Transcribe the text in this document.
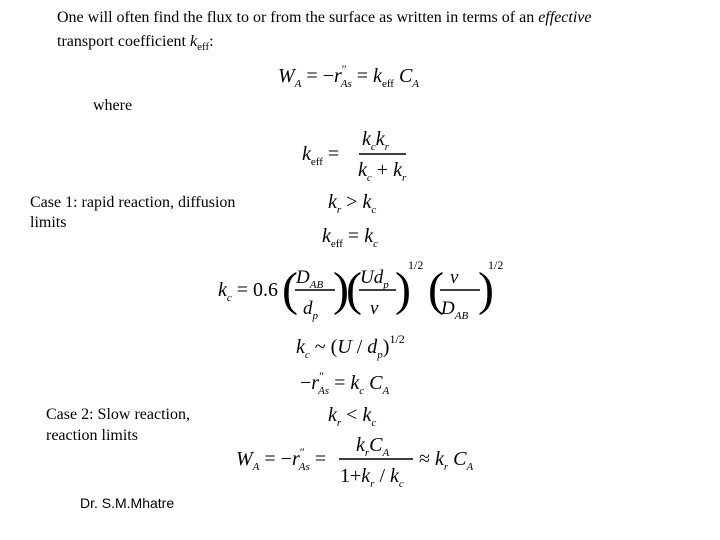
One will often find the flux to or from the surface as written in terms of an effective
transport coefficient $k_{eff}$:
$W_A = -r''$ $As = k_{eff}$ $C_A$
where
$k_{eff}$ =
$k_ck_r$
$k_c + k_r$
Case 1: rapid reaction, diffusion
limits
$k_r > k_c$
$k_{eff} = k_c$
$k_c = 0.6$ (
$D_{AB}$
$d_p$ )
(
$Ud_p$
ν )
1/2 ( ν
$D_{AB}$ )
1/2
$k_c$ ~ $(U / d_p)^{1/2}$
−r″ $As = k_c$ $C_A$
Case 2: Slow reaction,
reaction limits
$k_r < k_c$
$W_A = -r''$ As =
$k_rC_A$
$1+k_r / k_c$
≈ $k_r$ $C_A$
Dr. S.M.Mhatre
